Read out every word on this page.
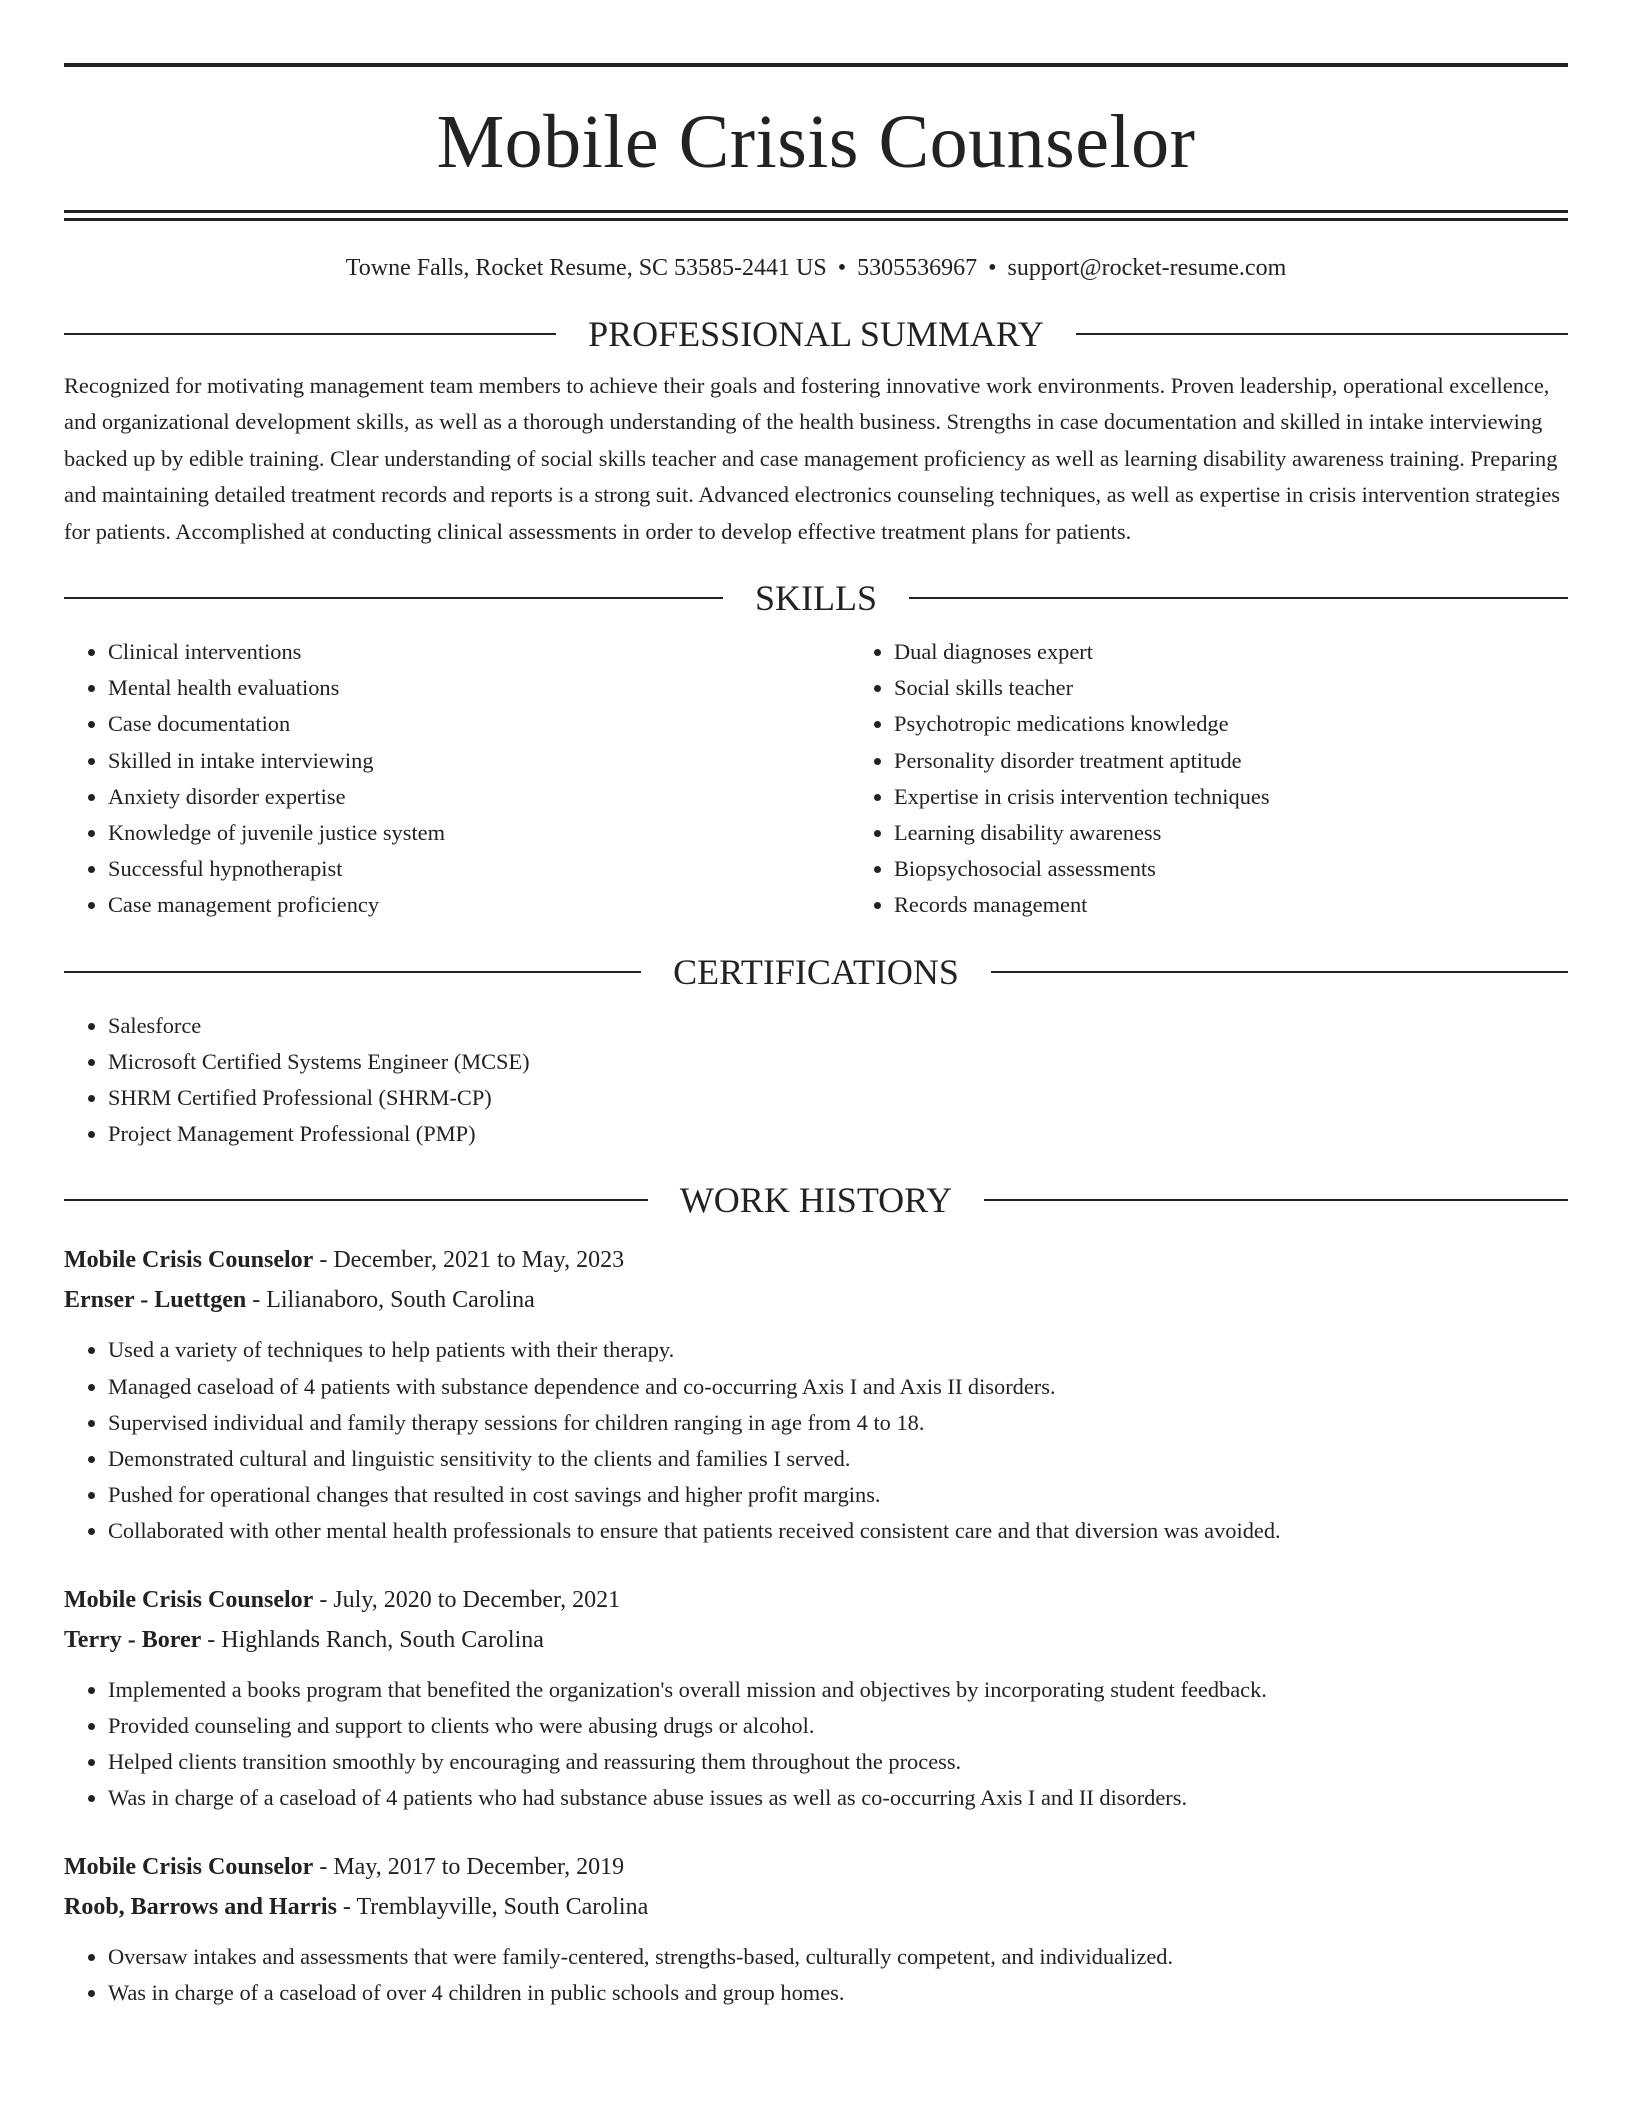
Mobile Crisis Counselor
Towne Falls, Rocket Resume, SC 53585-2441 US • 5305536967 • support@rocket-resume.com
PROFESSIONAL SUMMARY
Recognized for motivating management team members to achieve their goals and fostering innovative work environments. Proven leadership, operational excellence, and organizational development skills, as well as a thorough understanding of the health business. Strengths in case documentation and skilled in intake interviewing backed up by edible training. Clear understanding of social skills teacher and case management proficiency as well as learning disability awareness training. Preparing and maintaining detailed treatment records and reports is a strong suit. Advanced electronics counseling techniques, as well as expertise in crisis intervention strategies for patients. Accomplished at conducting clinical assessments in order to develop effective treatment plans for patients.
SKILLS
• Clinical interventions
• Mental health evaluations
• Case documentation
• Skilled in intake interviewing
• Anxiety disorder expertise
• Knowledge of juvenile justice system
• Successful hypnotherapist
• Case management proficiency
• Dual diagnoses expert
• Social skills teacher
• Psychotropic medications knowledge
• Personality disorder treatment aptitude
• Expertise in crisis intervention techniques
• Learning disability awareness
• Biopsychosocial assessments
• Records management
CERTIFICATIONS
• Salesforce
• Microsoft Certified Systems Engineer (MCSE)
• SHRM Certified Professional (SHRM-CP)
• Project Management Professional (PMP)
WORK HISTORY
Mobile Crisis Counselor - December, 2021 to May, 2023
Ernser - Luettgen - Lilianaboro, South Carolina
• Used a variety of techniques to help patients with their therapy.
• Managed caseload of 4 patients with substance dependence and co-occurring Axis I and Axis II disorders.
• Supervised individual and family therapy sessions for children ranging in age from 4 to 18.
• Demonstrated cultural and linguistic sensitivity to the clients and families I served.
• Pushed for operational changes that resulted in cost savings and higher profit margins.
• Collaborated with other mental health professionals to ensure that patients received consistent care and that diversion was avoided.
Mobile Crisis Counselor - July, 2020 to December, 2021
Terry - Borer - Highlands Ranch, South Carolina
• Implemented a books program that benefited the organization's overall mission and objectives by incorporating student feedback.
• Provided counseling and support to clients who were abusing drugs or alcohol.
• Helped clients transition smoothly by encouraging and reassuring them throughout the process.
• Was in charge of a caseload of 4 patients who had substance abuse issues as well as co-occurring Axis I and II disorders.
Mobile Crisis Counselor - May, 2017 to December, 2019
Roob, Barrows and Harris - Tremblayville, South Carolina
• Oversaw intakes and assessments that were family-centered, strengths-based, culturally competent, and individualized.
• Was in charge of a caseload of over 4 children in public schools and group homes.
